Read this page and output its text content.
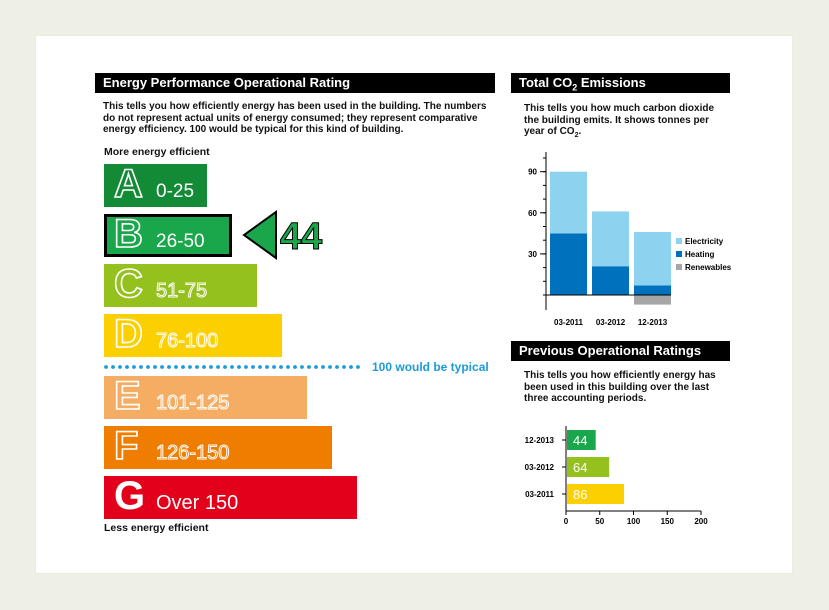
Energy Performance Operational Rating
This tells you how efficiently energy has been used in the building. The numbers do not represent actual units of energy consumed; they represent comparative energy efficiency. 100 would be typical for this kind of building.
More energy efficient
A 0-25
B 26-50
C 51-75
D 76-100
E 101-125
F 126-150
G Over 150
100 would be typical
44
Less energy efficient
Total $CO_2$ Emissions
This tells you how much carbon dioxide the building emits. It shows tonnes per year of $CO_2$.
30
60
90
03-2011 03-2012 12-2013
Electricity
Heating
Renewables
Previous Operational Ratings
This tells you how efficiently energy has been used in this building over the last three accounting periods.
0	50	100	150	200
12-2013 44
03-2012 64
03-2011 86
